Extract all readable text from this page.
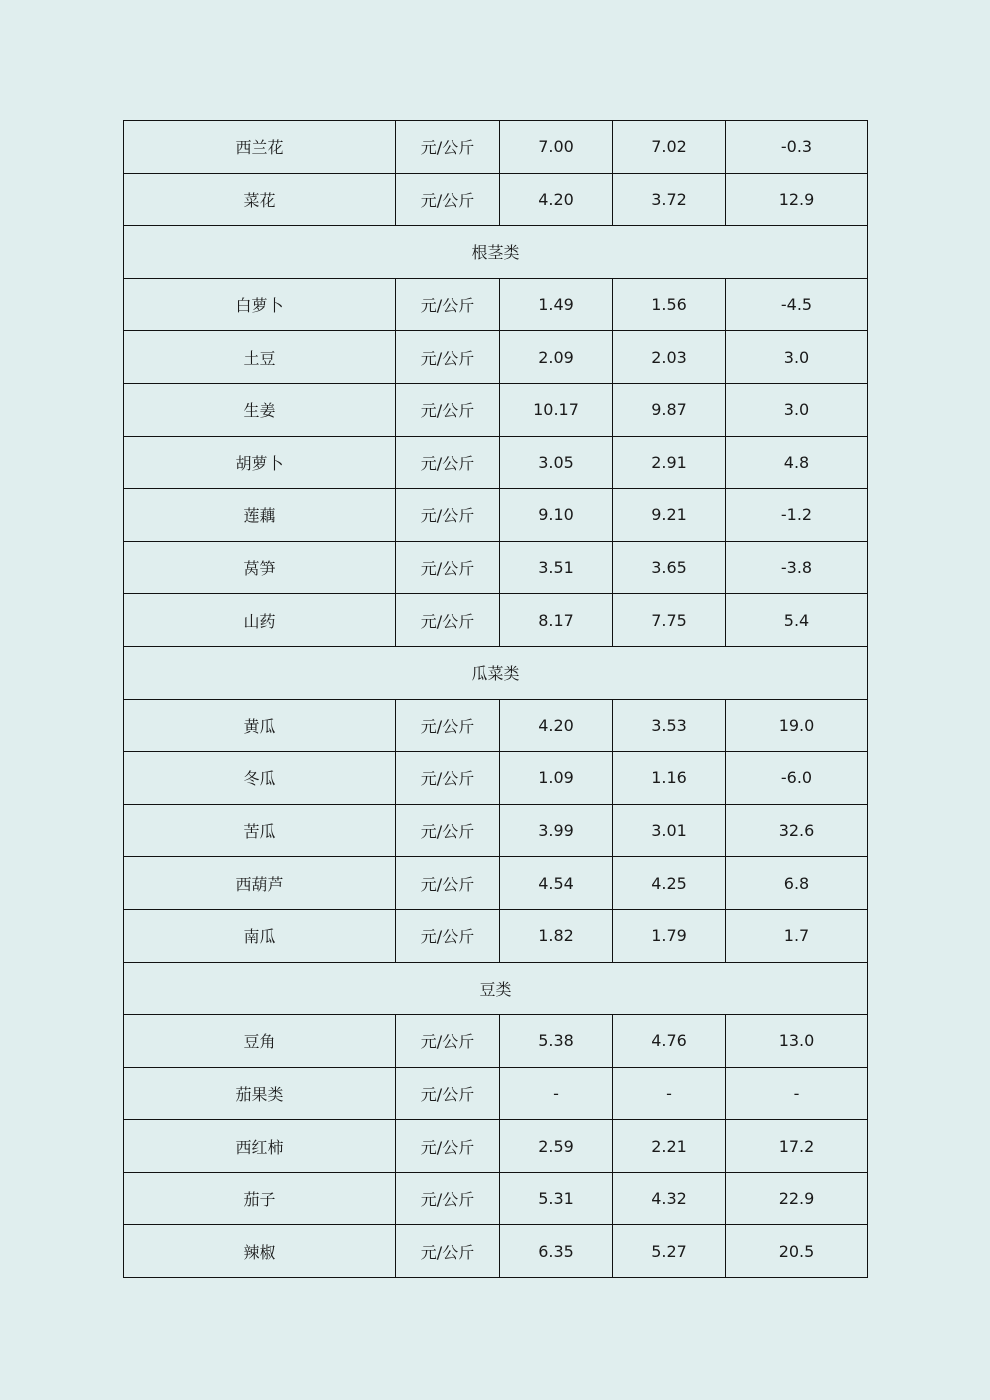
西兰花	元/公斤	7.00	7.02	-0.3
菜花	元/公斤	4.20	3.72	12.9
根茎类				
白萝卜	元/公斤	1.49	1.56	-4.5
土豆	元/公斤	2.09	2.03	3.0
生姜	元/公斤	10.17	9.87	3.0
胡萝卜	元/公斤	3.05	2.91	4.8
莲藕	元/公斤	9.10	9.21	-1.2
莴笋	元/公斤	3.51	3.65	-3.8
山药	元/公斤	8.17	7.75	5.4
瓜菜类				
黄瓜	元/公斤	4.20	3.53	19.0
冬瓜	元/公斤	1.09	1.16	-6.0
苦瓜	元/公斤	3.99	3.01	32.6
西葫芦	元/公斤	4.54	4.25	6.8
南瓜	元/公斤	1.82	1.79	1.7
豆类				
豆角	元/公斤	5.38	4.76	13.0
茄果类	元/公斤	-	-	-
西红柿	元/公斤	2.59	2.21	17.2
茄子	元/公斤	5.31	4.32	22.9
辣椒	元/公斤	6.35	5.27	20.5
